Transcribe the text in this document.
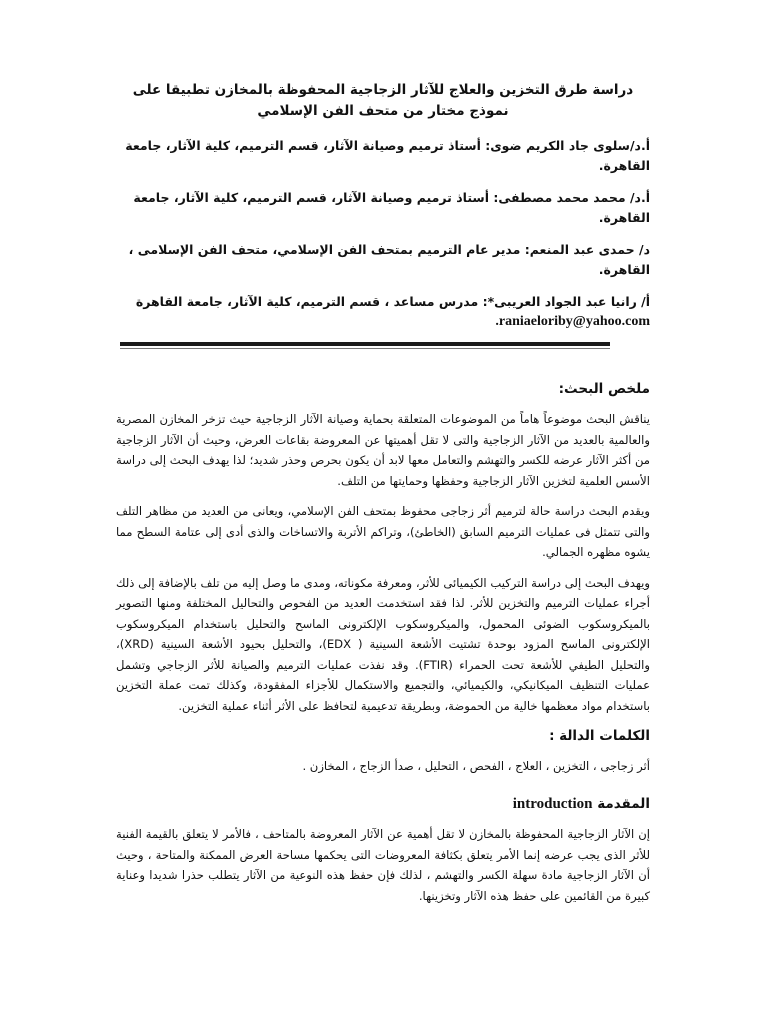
دراسة طرق التخزين والعلاج للآثار الزجاجية المحفوظة بالمخازن تطبيقا على نموذج مختار من متحف الفن الإسلامي
أ.د/سلوى جاد الكريم ضوى: أستاذ ترميم وصيانة الآثار، قسم الترميم، كلية الآثار، جامعة القاهرة.
أ.د/ محمد محمد مصطفى: أستاذ ترميم وصيانة الآثار، قسم الترميم، كلية الآثار، جامعة القاهرة.
د/ حمدى عبد المنعم: مدير عام الترميم بمتحف الفن الإسلامي، متحف الفن الإسلامى ، القاهرة.
أ/ رانيا عبد الجواد العريبى*: مدرس مساعد ، قسم الترميم، كلية الآثار، جامعة القاهرة
.raniaeloriby@yahoo.com
ملخص البحث:

يناقش البحث موضوعاً هاماً من الموضوعات المتعلقة بحماية وصيانة الآثار الزجاجية حيث تزخر المخازن المصرية والعالمية بالعديد من الآثار الزجاجية والتى لا تقل أهميتها عن المعروضة بقاعات العرض، وحيث أن الآثار الزجاجية من أكثر الآثار عرضه للكسر والتهشم والتعامل معها لابد أن يكون بحرص وحذر شديد؛ لذا يهدف البحث إلى دراسة الأسس العلمية لتخزين الآثار الزجاجية وحفظها وحمايتها من التلف.

ويقدم البحث دراسة حالة لترميم أثر زجاجى محفوظ بمتحف الفن الإسلامي، ويعانى من العديد من مظاهر التلف والتى تتمثل فى عمليات الترميم السابق (الخاطئ)، وتراكم الأتربة والاتساخات والذى أدى إلى عتامة السطح مما يشوه مظهره الجمالي.

ويهدف البحث إلى دراسة التركيب الكيميائى للأثر، ومعرفة مكوناته، ومدى ما وصل إليه من تلف بالإضافة إلى ذلك أجراء عمليات الترميم والتخزين للأثر. لذا فقد استخدمت العديد من الفحوص والتحاليل المختلفة ومنها التصوير بالميكروسكوب الضوئى المحمول، والميكروسكوب الإلكترونى الماسح والتحليل باستخدام الميكروسكوب الإلكترونى الماسح المزود بوحدة تشتيت الأشعة السينية ( EDX)، والتحليل بحيود الأشعة السينية (XRD)، والتحليل الطيفي للأشعة تحت الحمراء (FTIR). وقد نفذت عمليات الترميم والصيانة للأثر الزجاجي وتشمل عمليات التنظيف الميكانيكي، والكيميائي، والتجميع والاستكمال للأجزاء المفقودة، وكذلك تمت عملة التخزين باستخدام مواد معظمها خالية من الحموضة، وبطريقة تدعيمية لتحافظ على الأثر أثناء عملية التخزين.

الكلمات الدالة :
أثر زجاجى ، التخزين ، العلاج ، الفحص ، التحليل ، صدأ الزجاج ، المخازن .
المقدمة introduction

إن الآثار الزجاجية المحفوظة بالمخازن لا تقل أهمية عن الآثار المعروضة بالمتاحف ، فالأمر لا يتعلق بالقيمة الفنية للأثر الذى يجب عرضه إنما الأمر يتعلق بكثافة المعروضات التى يحكمها مساحة العرض الممكنة والمتاحة ، وحيث أن الآثار الزجاجية مادة سهلة الكسر والتهشم ، لذلك فإن حفظ هذه النوعية من الآثار يتطلب حذرا شديدا وعناية كبيرة من القائمين على حفظ هذه الآثار وتخزينها.
